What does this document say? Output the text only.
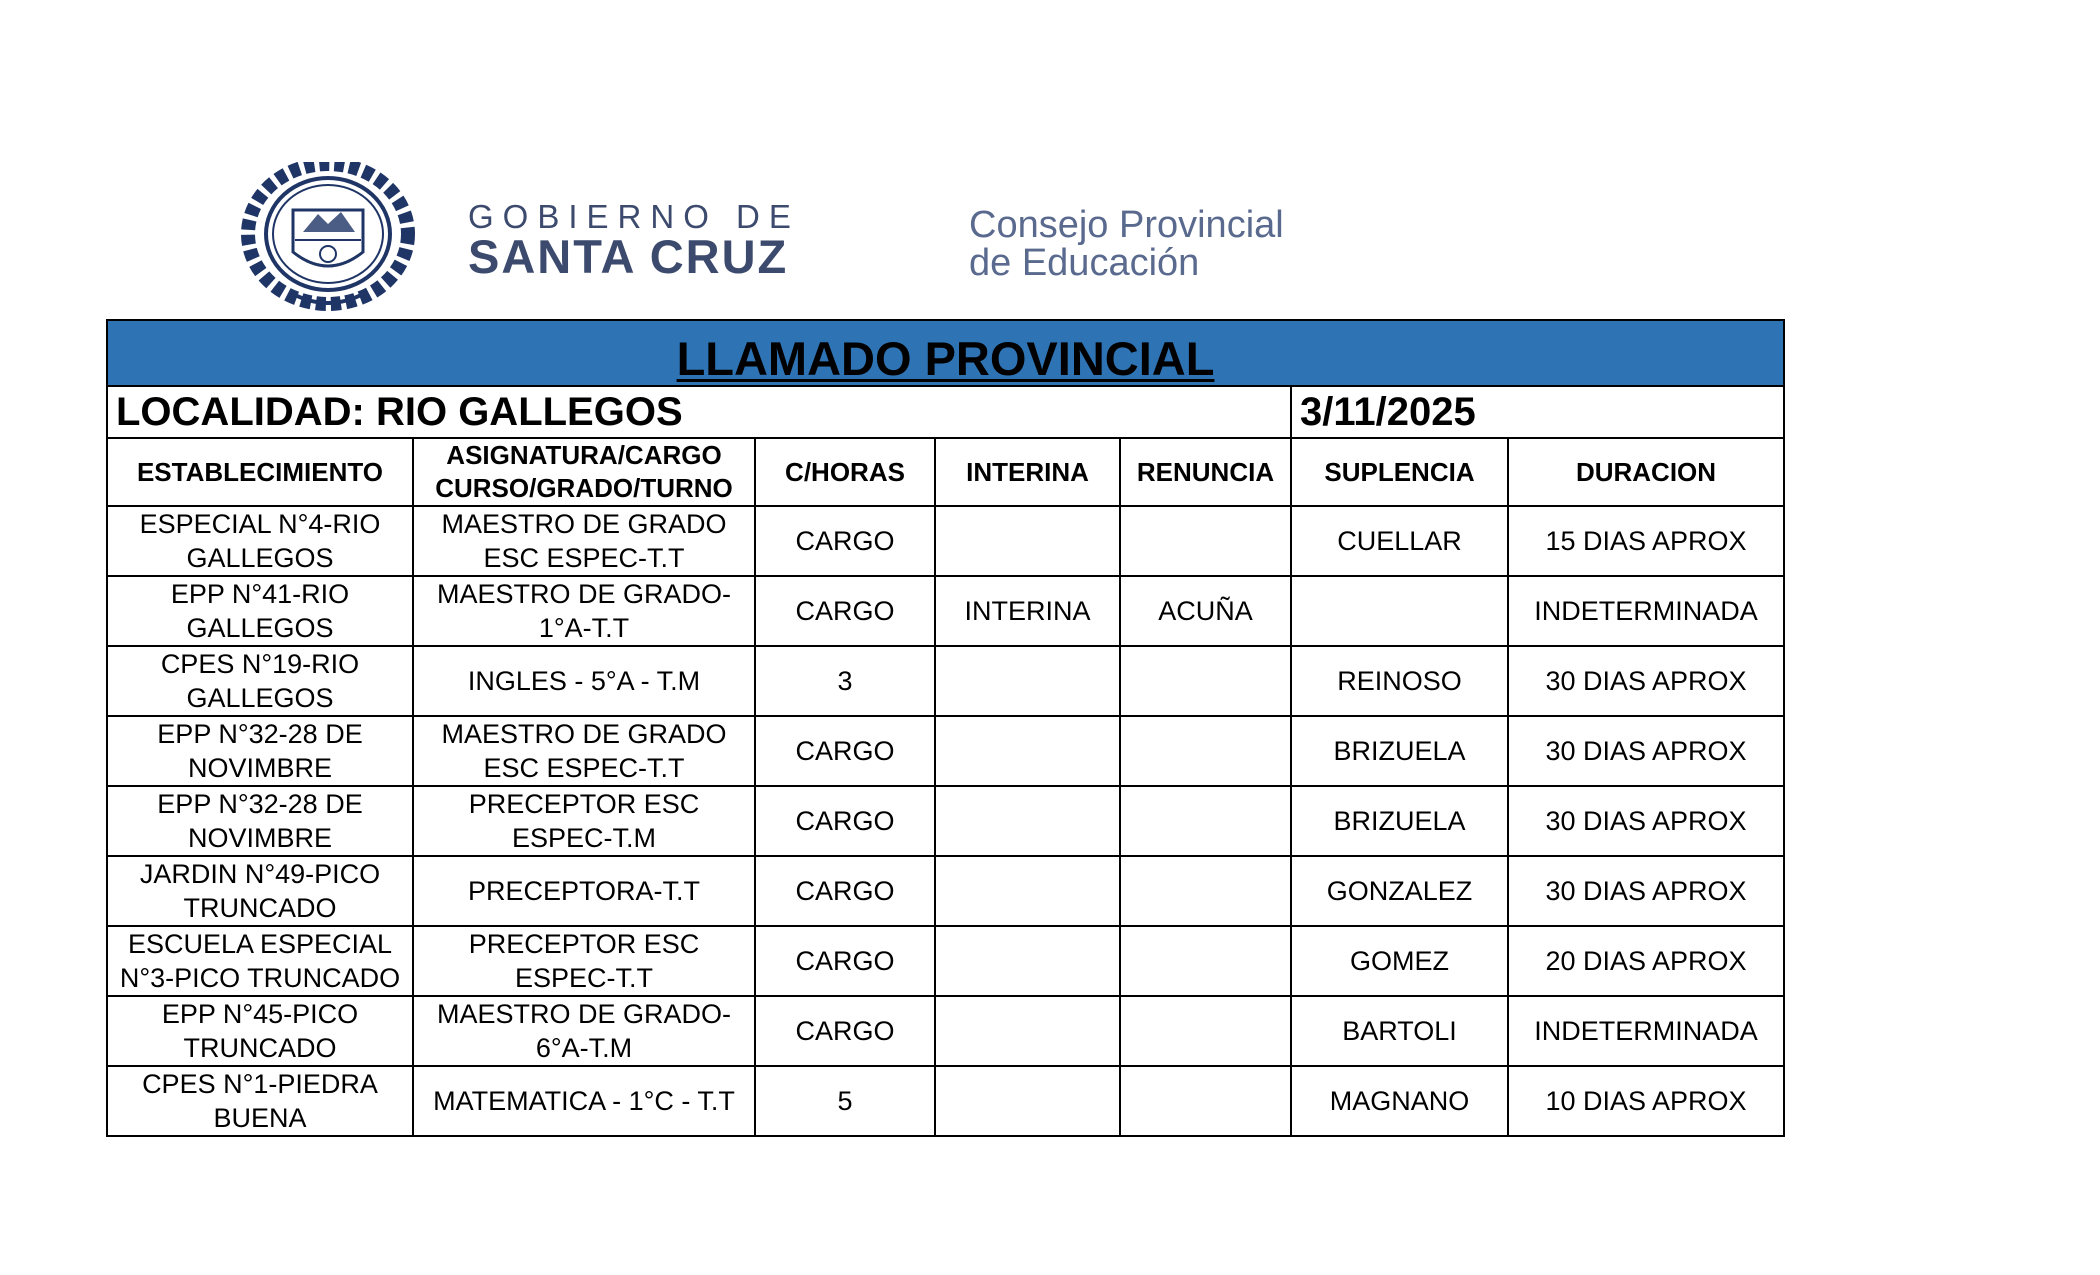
GOBIERNO DE
SANTA CRUZ
Consejo Provincial
de Educación
LLAMADO PROVINCIAL						
LOCALIDAD: RIO GALLEGOS					3/11/2025	
ESTABLECIMIENTO	ASIGNATURA/CARGO CURSO/GRADO/TURNO	C/HORAS	INTERINA	RENUNCIA	SUPLENCIA	DURACION
ESPECIAL N°4-RIO GALLEGOS	MAESTRO DE GRADO ESC ESPEC-T.T	CARGO			CUELLAR	15 DIAS APROX
EPP N°41-RIO GALLEGOS	MAESTRO DE GRADO-1°A-T.T	CARGO	INTERINA	ACUÑA		INDETERMINADA
CPES N°19-RIO GALLEGOS	INGLES - 5°A - T.M	3			REINOSO	30 DIAS APROX
EPP N°32-28 DE NOVIMBRE	MAESTRO DE GRADO ESC ESPEC-T.T	CARGO			BRIZUELA	30 DIAS APROX
EPP N°32-28 DE NOVIMBRE	PRECEPTOR ESC ESPEC-T.M	CARGO			BRIZUELA	30 DIAS APROX
JARDIN N°49-PICO TRUNCADO	PRECEPTORA-T.T	CARGO			GONZALEZ	30 DIAS APROX
ESCUELA ESPECIAL N°3-PICO TRUNCADO	PRECEPTOR ESC ESPEC-T.T	CARGO			GOMEZ	20 DIAS APROX
EPP N°45-PICO TRUNCADO	MAESTRO DE GRADO-6°A-T.M	CARGO			BARTOLI	INDETERMINADA
CPES N°1-PIEDRA BUENA	MATEMATICA - 1°C - T.T	5			MAGNANO	10 DIAS APROX
